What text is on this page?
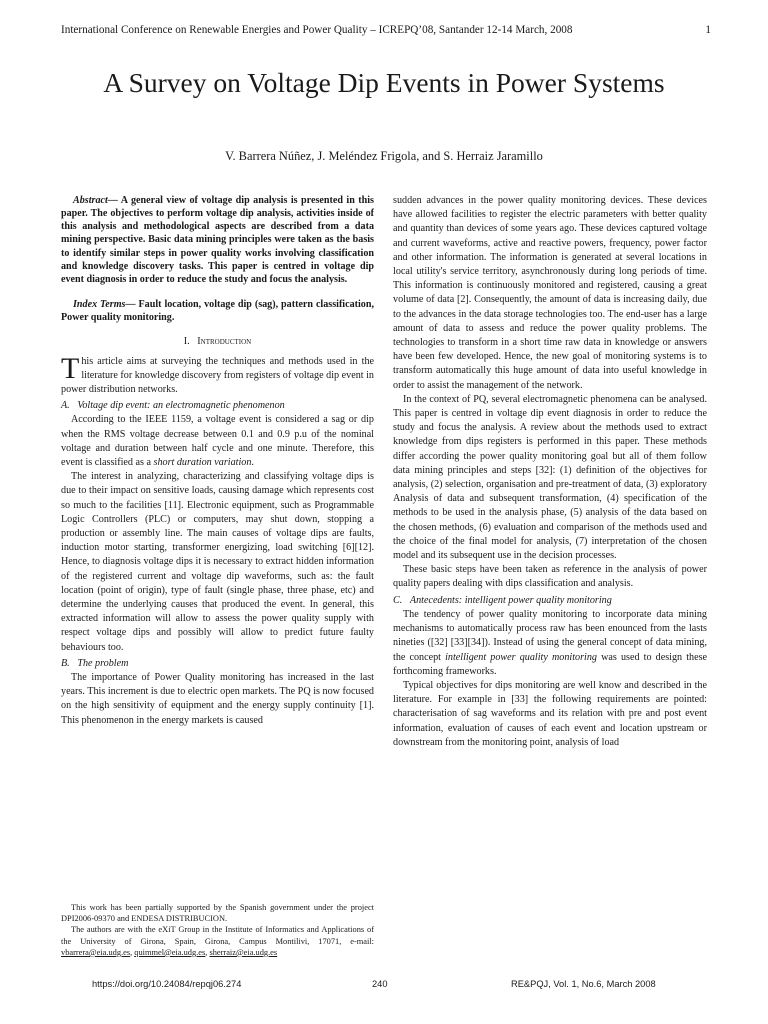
International Conference on Renewable Energies and Power Quality – ICREPQ’08, Santander 12-14 March, 2008	1
A Survey on Voltage Dip Events in Power Systems
V. Barrera Núñez, J. Meléndez Frigola, and S. Herraiz Jaramillo

Abstract— A general view of voltage dip analysis is presented in this paper. The objectives to perform voltage dip analysis, activities inside of this analysis and methodological aspects are described from a data mining perspective. Basic data mining principles were taken as the basis to identify similar steps in power quality works involving classification and knowledge discovery tasks. This paper is centred in voltage dip event diagnosis in order to reduce the study and focus the analysis.

Index Terms— Fault location, voltage dip (sag), pattern classification, Power quality monitoring.

I. Introduction

This article aims at surveying the techniques and methods used in the literature for knowledge discovery from registers of voltage dip event in power distribution networks.

A. Voltage dip event: an electromagnetic phenomenon

According to the IEEE 1159, a voltage event is considered a sag or dip when the RMS voltage decrease between 0.1 and 0.9 p.u of the nominal voltage and duration between half cycle and one minute. Therefore, this event is classified as a short duration variation.

The interest in analyzing, characterizing and classifying voltage dips is due to their impact on sensitive loads, causing damage which represents cost so much to the facilities [11]. Electronic equipment, such as Programmable Logic Controllers (PLC) or computers, may shut down, stopping a production or assembly line. The main causes of voltage dips are faults, induction motor starting, transformer energizing, load switching [6][12]. Hence, to diagnosis voltage dips it is necessary to extract hidden information of the registered current and voltage dip waveforms, such as: the fault location (point of origin), type of fault (single phase, three phase, etc) and determine the underlying causes that produced the event. In general, this extracted information will allow to assess the power quality supply with respect voltage dips and possibly will allow to predict future faulty behaviours too.

B. The problem

The importance of Power Quality monitoring has increased in the last years. This increment is due to electric open markets. The PQ is now focused on the high sensitivity of equipment and the energy supply continuity [1]. This phenomenon in the energy markets is caused

sudden advances in the power quality monitoring devices. These devices have allowed facilities to register the electric parameters with better quality and quantity than devices of some years ago. These devices captured voltage and current waveforms, active and reactive powers, frequency, power factor and other information. The information is generated at several locations in local utility's service territory, asynchronously during long periods of time. This information is continuously monitored and registered, causing a great volume of data [2]. Consequently, the amount of data is increasing daily, due to the advances in the data storage technologies too. The end-user has a large amount of data to assess and reduce the power quality problems. The technologies to transform in a short time raw data in knowledge or answers have been few developed. Hence, the new goal of monitoring systems is to transform automatically this huge amount of data into useful knowledge in order to assist the management of the network.

In the context of PQ, several electromagnetic phenomena can be analysed. This paper is centred in voltage dip event diagnosis in order to reduce the study and focus the analysis. A review about the methods used to extract knowledge from dips registers is performed in this paper. These methods differ according the power quality monitoring goal but all of them follow data mining principles and steps [32]: (1) definition of the objectives for analysis, (2) selection, organisation and pre-treatment of data, (3) exploratory Analysis of data and subsequent transformation, (4) specification of the methods to be used in the analysis phase, (5) analysis of the data based on the chosen methods, (6) evaluation and comparison of the methods used and the choice of the final model for analysis, (7) interpretation of the chosen model and its subsequent use in the decision processes.

These basic steps have been taken as reference in the analysis of power quality papers dealing with dips classification and analysis.

C. Antecedents: intelligent power quality monitoring

The tendency of power quality monitoring to incorporate data mining mechanisms to automatically process raw has been enounced from the lasts nineties ([32] [33][34]). Instead of using the general concept of data mining, the concept intelligent power quality monitoring was used to design these forthcoming frameworks.

Typical objectives for dips monitoring are well know and described in the literature. For example in [33] the following requirements are pointed: characterisation of sag waveforms and its relation with pre and post event information, evaluation of causes of each event and location upstream or downstream from the monitoring point, analysis of load

This work has been partially supported by the Spanish government under the project DPI2006-09370 and ENDESA DISTRIBUCION.

The authors are with the eXiT Group in the Institute of Informatics and Applications of the University of Girona, Spain, Girona, Campus Montilivi, 17071, e-mail: vbarrera@eia.udg.es, quimmel@eia.udg.es, sherraiz@eia.udg.es

https://doi.org/10.24084/repqj06.274	240	RE&PQJ, Vol. 1, No.6, March 2008
